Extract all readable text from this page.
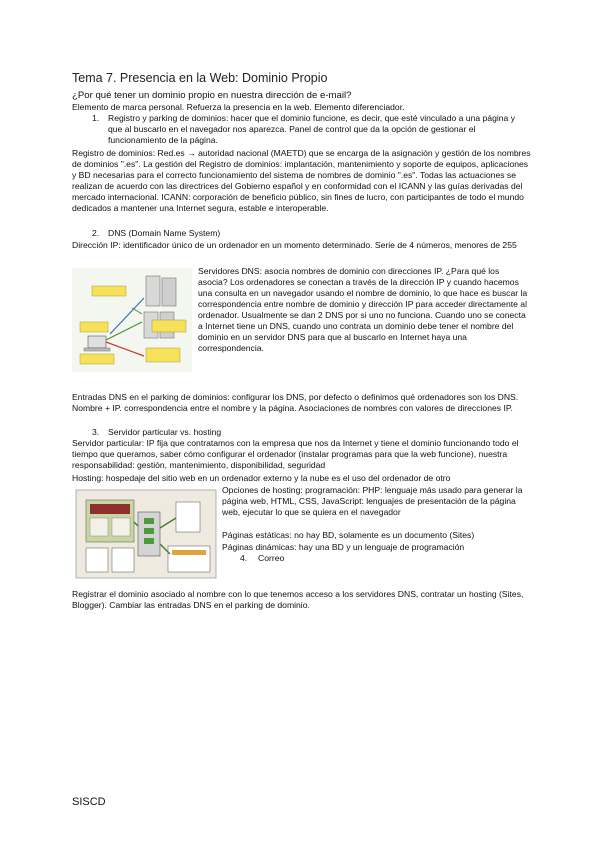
Tema 7. Presencia en la Web: Dominio Propio
¿Por qué tener un dominio propio en nuestra dirección de e-mail?
Elemento de marca personal. Refuerza la presencia en la web. Elemento diferenciador.
1. Registro y parking de dominios: hacer que el dominio funcione, es decir, que esté vinculado a una página y que al buscarlo en el navegador nos aparezca. Panel de control que da la opción de gestionar el funcionamiento de la página.
Registro de dominios: Red.es → autoridad nacional (MAETD) que se encarga de la asignación y gestión de los nombres de dominios ".es". La gestión del Registro de dominios: implantación, mantenimiento y soporte de equipos, aplicaciones y BD necesarias para el correcto funcionamiento del sistema de nombres de dominio ".es". Todas las actuaciones se realizan de acuerdo con las directrices del Gobierno español y en conformidad con el ICANN y las guías derivadas del mercado internacional. ICANN: corporación de beneficio público, sin fines de lucro, con participantes de todo el mundo dedicados a mantener una Internet segura, estable e interoperable.
2. DNS (Domain Name System)
Dirección IP: identificador único de un ordenador en un momento determinado. Serie de 4 números, menores de 255
Servidores DNS: asocia nombres de dominio con direcciones IP. ¿Para qué los asocia? Los ordenadores se conectan a través de la dirección IP y cuando hacemos una consulta en un navegador usando el nombre de dominio, lo que hace es buscar la correspondencia entre nombre de dominio y dirección IP para acceder directamente al ordenador. Usualmente se dan 2 DNS por si uno no funciona. Cuando uno se conecta a Internet tiene un DNS, cuando uno contrata un dominio debe tener el nombre del dominio en un servidor DNS para que al buscarlo en Internet haya una correspondencia.
Entradas DNS en el parking de dominios: configurar los DNS, por defecto o definimos qué ordenadores son los DNS. Nombre + IP. correspondencia entre el nombre y la página. Asociaciones de nombres con valores de direcciones IP.
3. Servidor particular vs. hosting
Servidor particular: IP fija que contratamos con la empresa que nos da Internet y tiene el dominio funcionando todo el tiempo que queramos, saber cómo configurar el ordenador (instalar programas para que la web funcione), nuestra responsabilidad: gestión, mantenimiento, disponibilidad, seguridad
Hosting: hospedaje del sitio web en un ordenador externo y la nube es el uso del ordenador de otro
Opciones de hosting: programación: PHP: lenguaje más usado para generar la página web, HTML, CSS, JavaScript: lenguajes de presentación de la página web, ejecutar lo que se quiera en el navegador
Páginas estáticas: no hay BD, solamente es un documento (Sites)
Páginas dinámicas: hay una BD y un lenguaje de programación
4. Correo
Registrar el dominio asociado al nombre con lo que tenemos acceso a los servidores DNS, contratar un hosting (Sites, Blogger). Cambiar las entradas DNS en el parking de dominio.
SISCD
